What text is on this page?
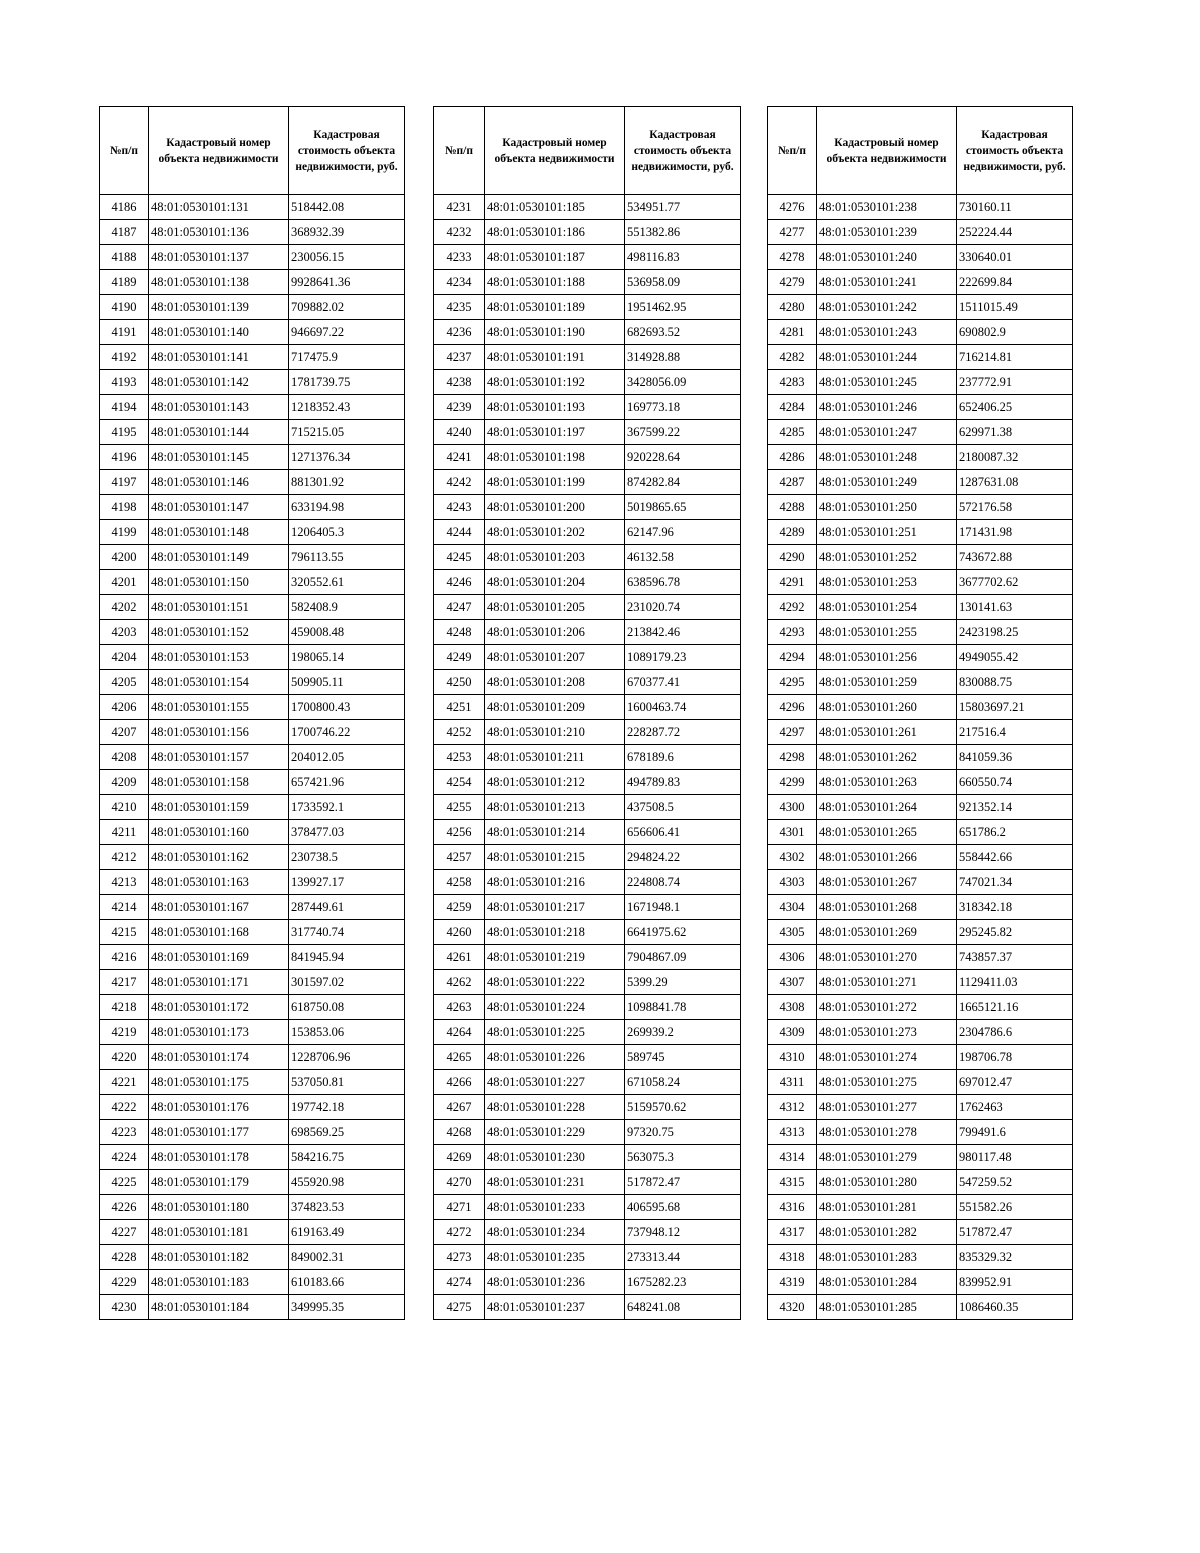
№п/п	Кадастровый номер объекта недвижимости	Кадастровая стоимость объекта недвижимости, руб.
4186	48:01:0530101:131	518442.08
4187	48:01:0530101:136	368932.39
4188	48:01:0530101:137	230056.15
4189	48:01:0530101:138	9928641.36
4190	48:01:0530101:139	709882.02
4191	48:01:0530101:140	946697.22
4192	48:01:0530101:141	717475.9
4193	48:01:0530101:142	1781739.75
4194	48:01:0530101:143	1218352.43
4195	48:01:0530101:144	715215.05
4196	48:01:0530101:145	1271376.34
4197	48:01:0530101:146	881301.92
4198	48:01:0530101:147	633194.98
4199	48:01:0530101:148	1206405.3
4200	48:01:0530101:149	796113.55
4201	48:01:0530101:150	320552.61
4202	48:01:0530101:151	582408.9
4203	48:01:0530101:152	459008.48
4204	48:01:0530101:153	198065.14
4205	48:01:0530101:154	509905.11
4206	48:01:0530101:155	1700800.43
4207	48:01:0530101:156	1700746.22
4208	48:01:0530101:157	204012.05
4209	48:01:0530101:158	657421.96
4210	48:01:0530101:159	1733592.1
4211	48:01:0530101:160	378477.03
4212	48:01:0530101:162	230738.5
4213	48:01:0530101:163	139927.17
4214	48:01:0530101:167	287449.61
4215	48:01:0530101:168	317740.74
4216	48:01:0530101:169	841945.94
4217	48:01:0530101:171	301597.02
4218	48:01:0530101:172	618750.08
4219	48:01:0530101:173	153853.06
4220	48:01:0530101:174	1228706.96
4221	48:01:0530101:175	537050.81
4222	48:01:0530101:176	197742.18
4223	48:01:0530101:177	698569.25
4224	48:01:0530101:178	584216.75
4225	48:01:0530101:179	455920.98
4226	48:01:0530101:180	374823.53
4227	48:01:0530101:181	619163.49
4228	48:01:0530101:182	849002.31
4229	48:01:0530101:183	610183.66
4230	48:01:0530101:184	349995.35
№п/п	Кадастровый номер объекта недвижимости	Кадастровая стоимость объекта недвижимости, руб.
4231	48:01:0530101:185	534951.77
4232	48:01:0530101:186	551382.86
4233	48:01:0530101:187	498116.83
4234	48:01:0530101:188	536958.09
4235	48:01:0530101:189	1951462.95
4236	48:01:0530101:190	682693.52
4237	48:01:0530101:191	314928.88
4238	48:01:0530101:192	3428056.09
4239	48:01:0530101:193	169773.18
4240	48:01:0530101:197	367599.22
4241	48:01:0530101:198	920228.64
4242	48:01:0530101:199	874282.84
4243	48:01:0530101:200	5019865.65
4244	48:01:0530101:202	62147.96
4245	48:01:0530101:203	46132.58
4246	48:01:0530101:204	638596.78
4247	48:01:0530101:205	231020.74
4248	48:01:0530101:206	213842.46
4249	48:01:0530101:207	1089179.23
4250	48:01:0530101:208	670377.41
4251	48:01:0530101:209	1600463.74
4252	48:01:0530101:210	228287.72
4253	48:01:0530101:211	678189.6
4254	48:01:0530101:212	494789.83
4255	48:01:0530101:213	437508.5
4256	48:01:0530101:214	656606.41
4257	48:01:0530101:215	294824.22
4258	48:01:0530101:216	224808.74
4259	48:01:0530101:217	1671948.1
4260	48:01:0530101:218	6641975.62
4261	48:01:0530101:219	7904867.09
4262	48:01:0530101:222	5399.29
4263	48:01:0530101:224	1098841.78
4264	48:01:0530101:225	269939.2
4265	48:01:0530101:226	589745
4266	48:01:0530101:227	671058.24
4267	48:01:0530101:228	5159570.62
4268	48:01:0530101:229	97320.75
4269	48:01:0530101:230	563075.3
4270	48:01:0530101:231	517872.47
4271	48:01:0530101:233	406595.68
4272	48:01:0530101:234	737948.12
4273	48:01:0530101:235	273313.44
4274	48:01:0530101:236	1675282.23
4275	48:01:0530101:237	648241.08
№п/п	Кадастровый номер объекта недвижимости	Кадастровая стоимость объекта недвижимости, руб.
4276	48:01:0530101:238	730160.11
4277	48:01:0530101:239	252224.44
4278	48:01:0530101:240	330640.01
4279	48:01:0530101:241	222699.84
4280	48:01:0530101:242	1511015.49
4281	48:01:0530101:243	690802.9
4282	48:01:0530101:244	716214.81
4283	48:01:0530101:245	237772.91
4284	48:01:0530101:246	652406.25
4285	48:01:0530101:247	629971.38
4286	48:01:0530101:248	2180087.32
4287	48:01:0530101:249	1287631.08
4288	48:01:0530101:250	572176.58
4289	48:01:0530101:251	171431.98
4290	48:01:0530101:252	743672.88
4291	48:01:0530101:253	3677702.62
4292	48:01:0530101:254	130141.63
4293	48:01:0530101:255	2423198.25
4294	48:01:0530101:256	4949055.42
4295	48:01:0530101:259	830088.75
4296	48:01:0530101:260	15803697.21
4297	48:01:0530101:261	217516.4
4298	48:01:0530101:262	841059.36
4299	48:01:0530101:263	660550.74
4300	48:01:0530101:264	921352.14
4301	48:01:0530101:265	651786.2
4302	48:01:0530101:266	558442.66
4303	48:01:0530101:267	747021.34
4304	48:01:0530101:268	318342.18
4305	48:01:0530101:269	295245.82
4306	48:01:0530101:270	743857.37
4307	48:01:0530101:271	1129411.03
4308	48:01:0530101:272	1665121.16
4309	48:01:0530101:273	2304786.6
4310	48:01:0530101:274	198706.78
4311	48:01:0530101:275	697012.47
4312	48:01:0530101:277	1762463
4313	48:01:0530101:278	799491.6
4314	48:01:0530101:279	980117.48
4315	48:01:0530101:280	547259.52
4316	48:01:0530101:281	551582.26
4317	48:01:0530101:282	517872.47
4318	48:01:0530101:283	835329.32
4319	48:01:0530101:284	839952.91
4320	48:01:0530101:285	1086460.35
